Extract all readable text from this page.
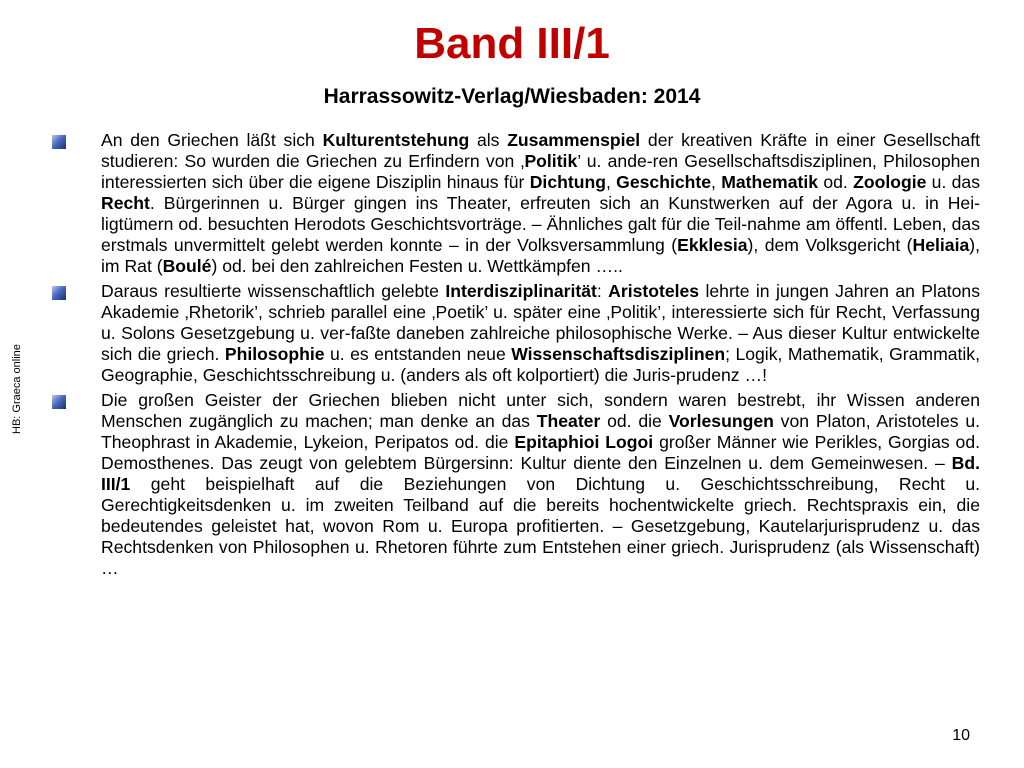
Band III/1
Harrassowitz-Verlag/Wiesbaden: 2014
HB: Graeca online

An den Griechen läßt sich Kulturentstehung als Zusammenspiel der kreativen Kräfte in einer Gesellschaft studieren: So wurden die Griechen zu Erfindern von ‚Politik’ u. ande-ren Gesellschaftsdisziplinen, Philosophen interessierten sich über die eigene Disziplin hinaus für Dichtung, Geschichte, Mathematik od. Zoologie u. das Recht. Bürgerinnen u. Bürger gingen ins Theater, erfreuten sich an Kunstwerken auf der Agora u. in Hei-ligtümern od. besuchten Herodots Geschichtsvorträge. – Ähnliches galt für die Teil-nahme am öffentl. Leben, das erstmals unvermittelt gelebt werden konnte – in der Volksversammlung (Ekklesia), dem Volksgericht (Heliaia), im Rat (Boulé) od. bei den zahlreichen Festen u. Wettkämpfen …..

Daraus resultierte wissenschaftlich gelebte Interdisziplinarität: Aristoteles lehrte in jungen Jahren an Platons Akademie ‚Rhetorik’, schrieb parallel eine ‚Poetik’ u. später eine ‚Politik’, interessierte sich für Recht, Verfassung u. Solons Gesetzgebung u. ver-faßte daneben zahlreiche philosophische Werke. – Aus dieser Kultur entwickelte sich die griech. Philosophie u. es entstanden neue Wissenschaftsdisziplinen; Logik, Mathematik, Grammatik, Geographie, Geschichtsschreibung u. (anders als oft kolportiert) die Juris-prudenz …!

Die großen Geister der Griechen blieben nicht unter sich, sondern waren bestrebt, ihr Wissen anderen Menschen zugänglich zu machen; man denke an das Theater od. die Vorlesungen von Platon, Aristoteles u. Theophrast in Akademie, Lykeion, Peripatos od. die Epitaphioi Logoi großer Männer wie Perikles, Gorgias od. Demosthenes. Das zeugt von gelebtem Bürgersinn: Kultur diente den Einzelnen u. dem Gemeinwesen. – Bd. III/1 geht beispielhaft auf die Beziehungen von Dichtung u. Geschichtsschreibung, Recht u. Gerechtigkeitsdenken u. im zweiten Teilband auf die bereits hochentwickelte griech. Rechtspraxis ein, die bedeutendes geleistet hat, wovon Rom u. Europa profitierten. – Gesetzgebung, Kautelarjurisprudenz u. das Rechtsdenken von Philosophen u. Rhetoren führte zum Entstehen einer griech. Jurisprudenz (als Wissenschaft) …

10
